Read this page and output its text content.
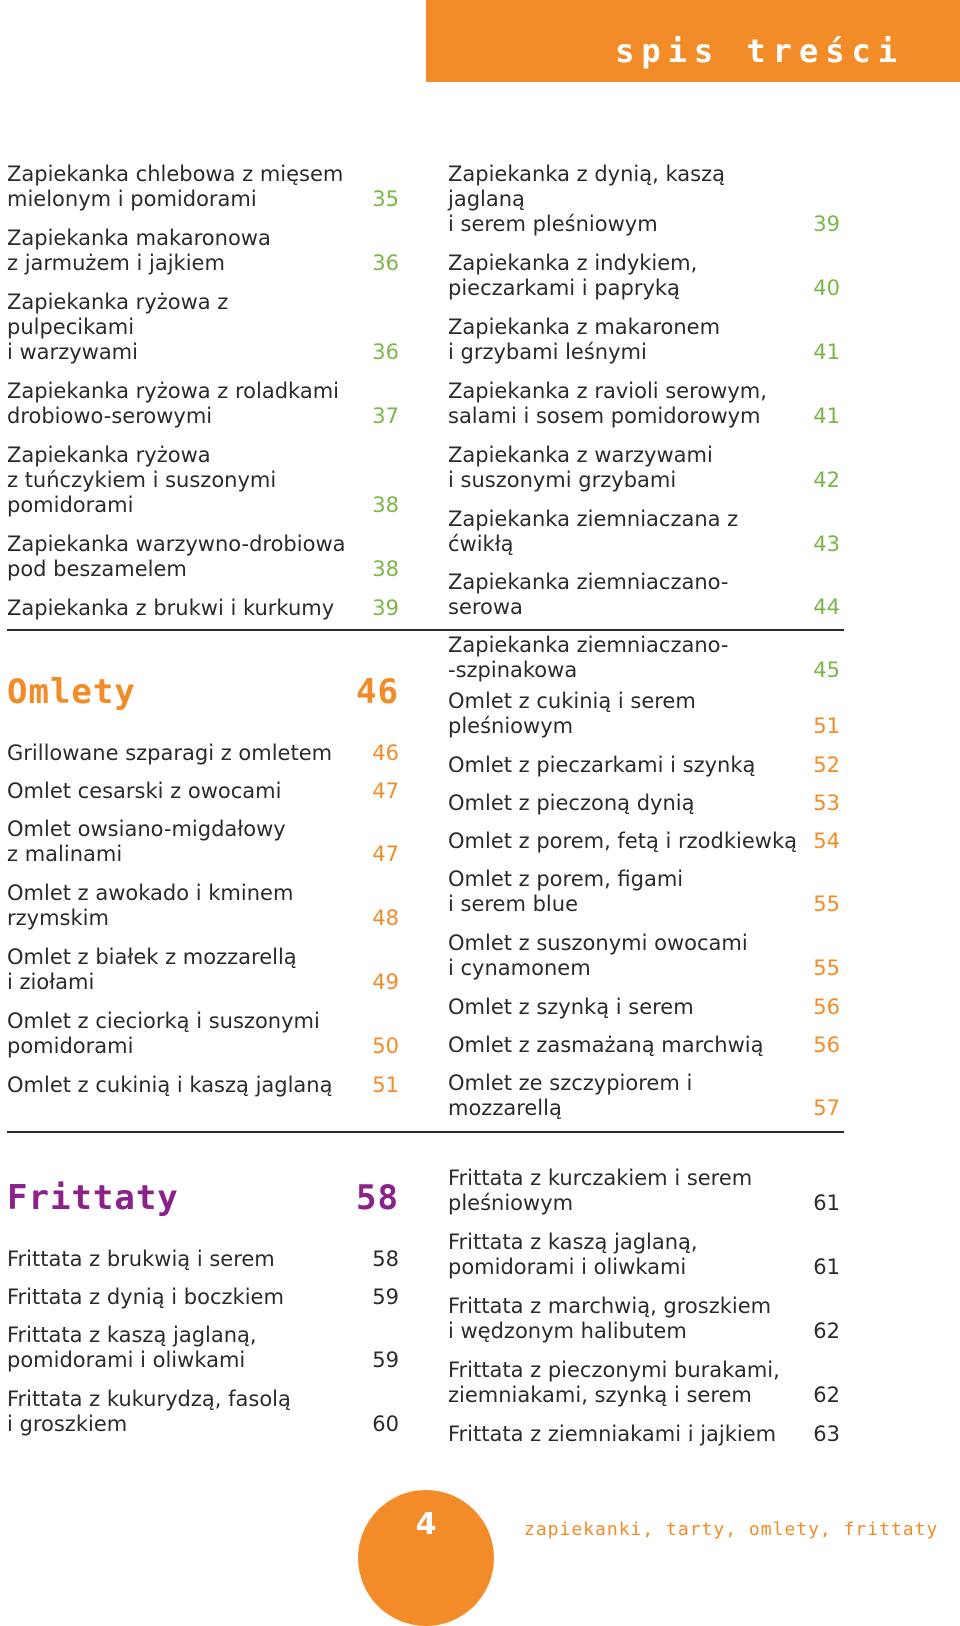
spis treści
Zapiekanka chlebowa z mięsem
mielonym i pomidorami	35
Zapiekanka makaronowa
z jarmużem i jajkiem	36
Zapiekanka ryżowa z pulpecikami
i warzywami	36
Zapiekanka ryżowa z roladkami
drobiowo-serowymi	37
Zapiekanka ryżowa
z tuńczykiem i suszonymi
pomidorami	38
Zapiekanka warzywno-drobiowa
pod beszamelem	38
Zapiekanka z brukwi i kurkumy	39
Zapiekanka z dynią, kaszą jaglaną
i serem pleśniowym	39
Zapiekanka z indykiem,
pieczarkami i papryką	40
Zapiekanka z makaronem
i grzybami leśnymi	41
Zapiekanka z ravioli serowym,
salami i sosem pomidorowym	41
Zapiekanka z warzywami
i suszonymi grzybami	42
Zapiekanka ziemniaczana z ćwikłą	43
Zapiekanka ziemniaczano-serowa	44
Zapiekanka ziemniaczano-
-szpinakowa	45
Omlety	46
Grillowane szparagi z omletem	46
Omlet cesarski z owocami	47
Omlet owsiano-migdałowy
z malinami	47
Omlet z awokado i kminem
rzymskim	48
Omlet z białek z mozzarellą
i ziołami	49
Omlet z cieciorką i suszonymi
pomidorami	50
Omlet z cukinią i kaszą jaglaną	51
Omlet z cukinią i serem
pleśniowym	51
Omlet z pieczarkami i szynką	52
Omlet z pieczoną dynią	53
Omlet z porem, fetą i rzodkiewką 54
Omlet z porem, figami
i serem blue	55
Omlet z suszonymi owocami
i cynamonem	55
Omlet z szynką i serem	56
Omlet z zasmażaną marchwią	56
Omlet ze szczypiorem i mozzarellą	57
Frittaty	58
Frittata z brukwią i serem	58
Frittata z dynią i boczkiem	59
Frittata z kaszą jaglaną,
pomidorami i oliwkami	59
Frittata z kukurydzą, fasolą
i groszkiem	60
Frittata z kurczakiem i serem
pleśniowym	61
Frittata z kaszą jaglaną,
pomidorami i oliwkami	61
Frittata z marchwią, groszkiem
i wędzonym halibutem	62
Frittata z pieczonymi burakami,
ziemniakami, szynką i serem	62
Frittata z ziemniakami i jajkiem	63
4	zapiekanki, tarty, omlety, frittaty
